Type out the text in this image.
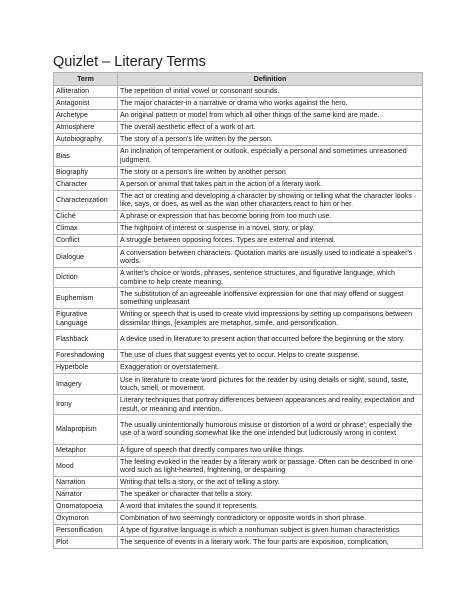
Quizlet – Literary Terms
Term	Definition
Alliteration	The repetition of initial vowel or consonant sounds.
Antagonist	The major character-in a narrative or drama who works against the hero.
Archetype	An original pattern or model from which all other things of the same kind are made.
Atmosphere	The overall aesthetic effect of a work of art.
Autobiography	The story of a person's life written by the person.
Bias	An inclination of temperament or outlook, especially a personal and sometimes unreasoned judgment.
Biography	The story or a person's lire written by another person
Character	A person or animal that takes part in the action of a literary work.
Characterization	The act or creating and developing a character by showing or telling what the character looks like, says, or does, as well as the wan other characters react to him or her.
Cliché	A phrase or expression that has become boring from too much use.
Climax	The highpoint of interest or suspense in a novel, story, or play.
Conflict	A struggle between opposing forces. Types are external and internal.
Dialogue	A conversation between characters. Quotation marks are usually used to indicate a speaker's words.
Diction	A writer's choice or words, phrases, sentence structures, and figurative language, which combine to help create meaning.
Euphemism	The substitution of an agreeable inoffensive expression for one that may offend or suggest something unpleasant
Figurative Language	Writing or speech that is used to create vivid impressions by setting up comparisons between dissimilar things, [examples are metaphor, simile, and personification.
Flashback	A device used in literature to present action that occurred before the beginning or the story.
Foreshadowing	The use of clues that suggest events yet to occur. Helps to create suspense.
Hyperbole	Exaggeration or overstatement.
Imagery	Use in literature to create word pictures for the reader by using details or sight, sound, taste, touch, smell, or movement.
Irony	Literary techniques that portray differences between appearances and reality, expectation and result, or meaning and intention.
Malapropism	The usually unintentionally humorous misuse or distortion of a word or phrase'; especially the use of a word sounding somewhat like the one intended but ludicrously wrong in context
Metaphor	A figure of speech that directly compares two unlike things.
Mood	The feeling evoked in the reader by a literary work or passage. Often can be described in one word such as light-hearted, frightening, or despairing
Narration	Writing that tells a story, or the act of telling a story.
Narrator	The speaker or character that tells a story.
Onomatopoeia	A word that imitates the sound it represents.
Oxymoron	Combination of two seemingly contradictory or opposite words in short phrase.
Personification	A type of figurative language is which a nonhuman subject is given human characteristics
Plot	The sequence of events in a literary work. The four parts are exposition, complication,
